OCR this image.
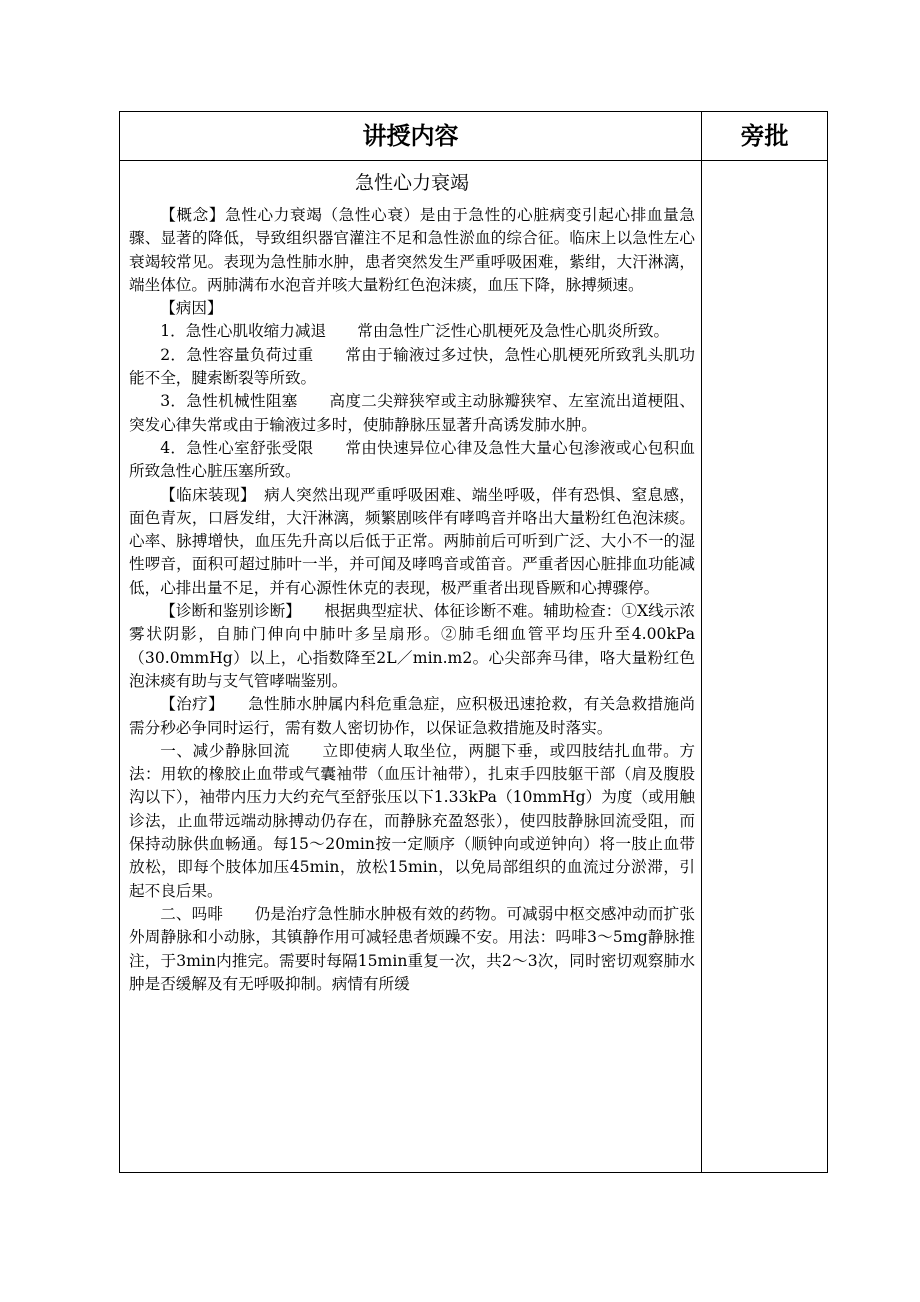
讲授内容	旁批
急性心力衰竭

【概念】急性心力衰竭（急性心衰）是由于急性的心脏病变引起心排血量急骤、显著的降低，导致组织器官灌注不足和急性淤血的综合征。临床上以急性左心衰竭较常见。表现为急性肺水肿，患者突然发生严重呼吸困难，紫绀，大汗淋漓，端坐体位。两肺满布水泡音并咳大量粉红色泡沫痰，血压下降，脉搏频速。

【病因】

1．急性心肌收缩力减退　　常由急性广泛性心肌梗死及急性心肌炎所致。

2．急性容量负荷过重　　常由于输液过多过快，急性心肌梗死所致乳头肌功能不全，腱索断裂等所致。

3．急性机械性阻塞　　高度二尖辩狭窄或主动脉瓣狭窄、左室流出道梗阻、突发心律失常或由于输液过多时，使肺静脉压显著升高诱发肺水肿。

4．急性心室舒张受限　　常由快速异位心律及急性大量心包渗液或心包积血所致急性心脏压塞所致。

【临床装现】　病人突然出现严重呼吸困难、端坐呼吸，伴有恐惧、窒息感，面色青灰，口唇发绀，大汗淋漓，频繁剧咳伴有哮鸣音并咯出大量粉红色泡沫痰。心率、脉搏增快，血压先升高以后低于正常。两肺前后可听到广泛、大小不一的湿性啰音，面积可超过肺叶一半，并可闻及哮鸣音或笛音。严重者因心脏排血功能减低，心排出量不足，并有心源性休克的表现，极严重者出现昏厥和心搏骤停。

【诊断和鉴别诊断】　　根据典型症状、体征诊断不难。辅助检查：①X线示浓雾状阴影，自肺门伸向中肺叶多呈扇形。②肺毛细血管平均压升至4.00kPa（30.0mmHg）以上，心指数降至2L／min.m2。心尖部奔马律，咯大量粉红色泡沫痰有助与支气管哮喘鉴别。

【治疗】　　急性肺水肿属内科危重急症，应积极迅速抢救，有关急救措施尚需分秒必争同时运行，需有数人密切协作，以保证急救措施及时落实。

一、减少静脉回流　　立即使病人取坐位，两腿下垂，或四肢结扎血带。方法：用软的橡胶止血带或气囊袖带（血压计袖带），扎束手四肢躯干部（肩及腹股沟以下），袖带内压力大约充气至舒张压以下1.33kPa（10mmHg）为度（或用触诊法，止血带远端动脉搏动仍存在，而静脉充盈怒张），使四肢静脉回流受阻，而保持动脉供血畅通。每15～20min按一定顺序（顺钟向或逆钟向）将一肢止血带放松，即每个肢体加压45min，放松15min，以免局部组织的血流过分淤滞，引起不良后果。

二、吗啡　　仍是治疗急性肺水肿极有效的药物。可减弱中枢交感冲动而扩张外周静脉和小动脉，其镇静作用可减轻患者烦躁不安。用法：吗啡3～5mg静脉推注，于3min内推完。需要时每隔15min重复一次，共2～3次，同时密切观察肺水肿是否缓解及有无呼吸抑制。病情有所缓
